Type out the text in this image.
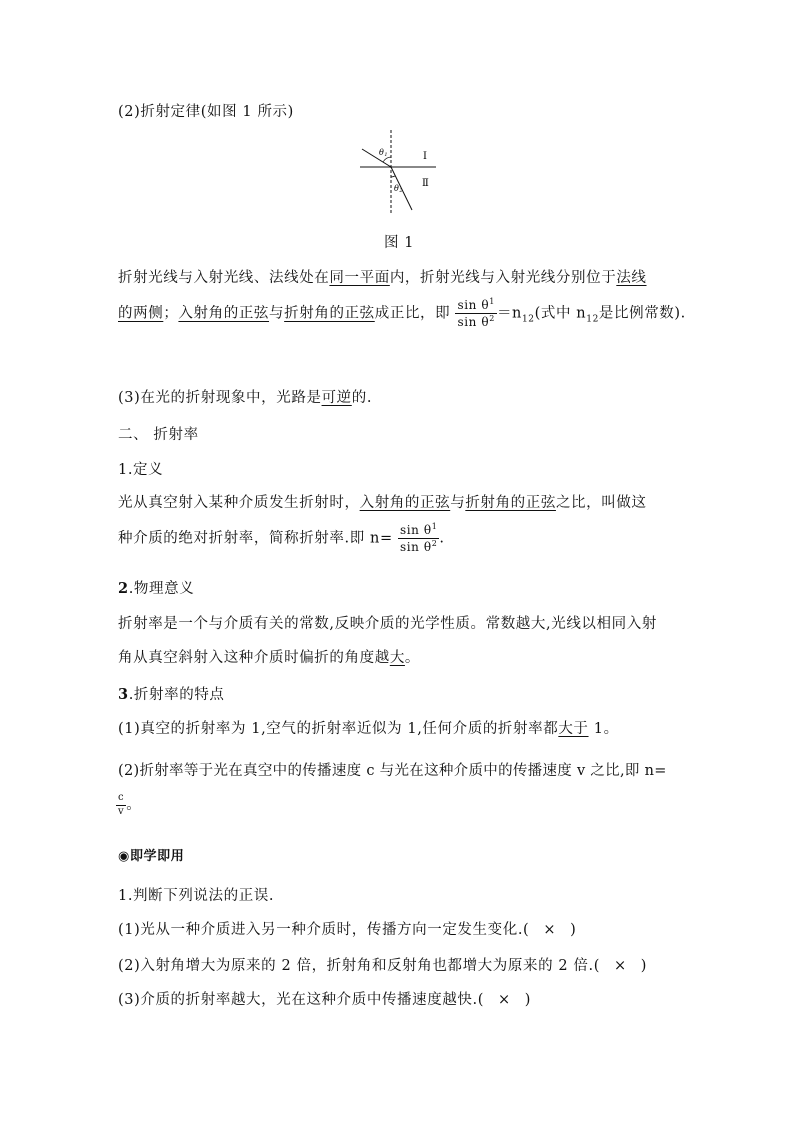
(2)折射定律(如图 1 所示)
θ1
θ2
Ⅰ
Ⅱ
图 1
折射光线与入射光线、法线处在同一平面内，折射光线与入射光线分别位于法线
的两侧；入射角的正弦与折射角的正弦成正比，即 $\frac{\sin \theta^1}{\sin \theta^2} =n_{12}$(式中 $n_{12}$是比例常数).
(3)在光的折射现象中，光路是可逆的.
二、 折射率
1.定义
光从真空射入某种介质发生折射时，入射角的正弦与折射角的正弦之比，叫做这
种介质的绝对折射率，简称折射率.即 $n= \frac{\sin \theta^1}{\sin \theta^2}$ .
2.物理意义
折射率是一个与介质有关的常数,反映介质的光学性质。常数越大,光线以相同入射
角从真空斜射入这种介质时偏折的角度越大。
3.折射率的特点
(1)真空的折射率为 1,空气的折射率近似为 1,任何介质的折射率都大于 1。
(2)折射率等于光在真空中的传播速度 c 与光在这种介质中的传播速度 v 之比,即 n=
$\frac{c}{v}$ 。
◉即学即用
1.判断下列说法的正误.
(1)光从一种介质进入另一种介质时，传播方向一定发生变化.( × )
(2)入射角增大为原来的 2 倍，折射角和反射角也都增大为原来的 2 倍.( × )
(3)介质的折射率越大，光在这种介质中传播速度越快.( × )
